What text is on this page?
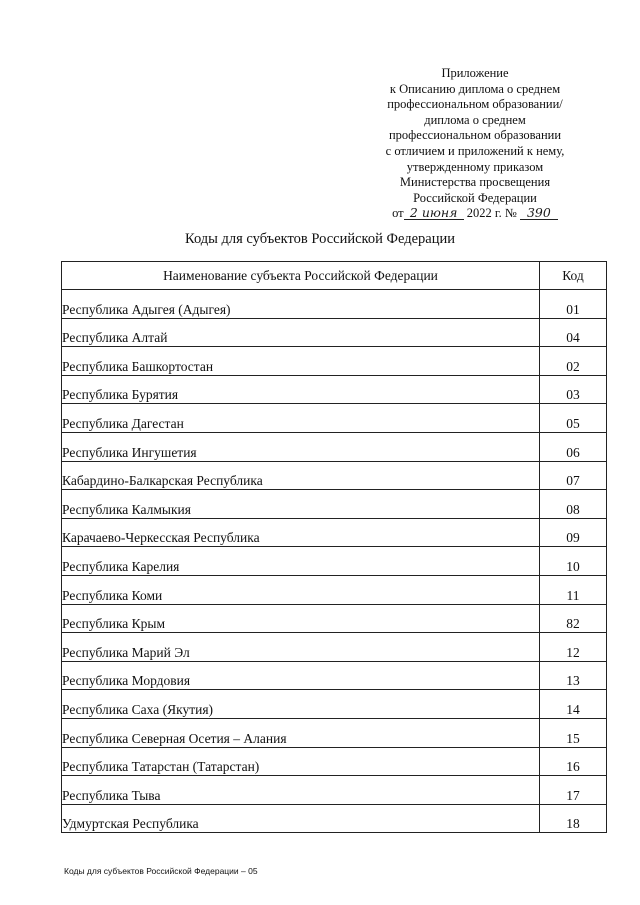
Приложение
к Описанию диплома о среднем
профессиональном образовании/
диплома о среднем
профессиональном образовании
с отличием и приложений к нему,
утвержденному приказом
Министерства просвещения
Российской Федерации
от 2 июня 2022 г. № 390
Коды для субъектов Российской Федерации
Наименование субъекта Российской Федерации	Код
Республика Адыгея (Адыгея)	01
Республика Алтай	04
Республика Башкортостан	02
Республика Бурятия	03
Республика Дагестан	05
Республика Ингушетия	06
Кабардино-Балкарская Республика	07
Республика Калмыкия	08
Карачаево-Черкесская Республика	09
Республика Карелия	10
Республика Коми	11
Республика Крым	82
Республика Марий Эл	12
Республика Мордовия	13
Республика Саха (Якутия)	14
Республика Северная Осетия – Алания	15
Республика Татарстан (Татарстан)	16
Республика Тыва	17
Удмуртская Республика	18
Коды для субъектов Российской Федерации – 05
